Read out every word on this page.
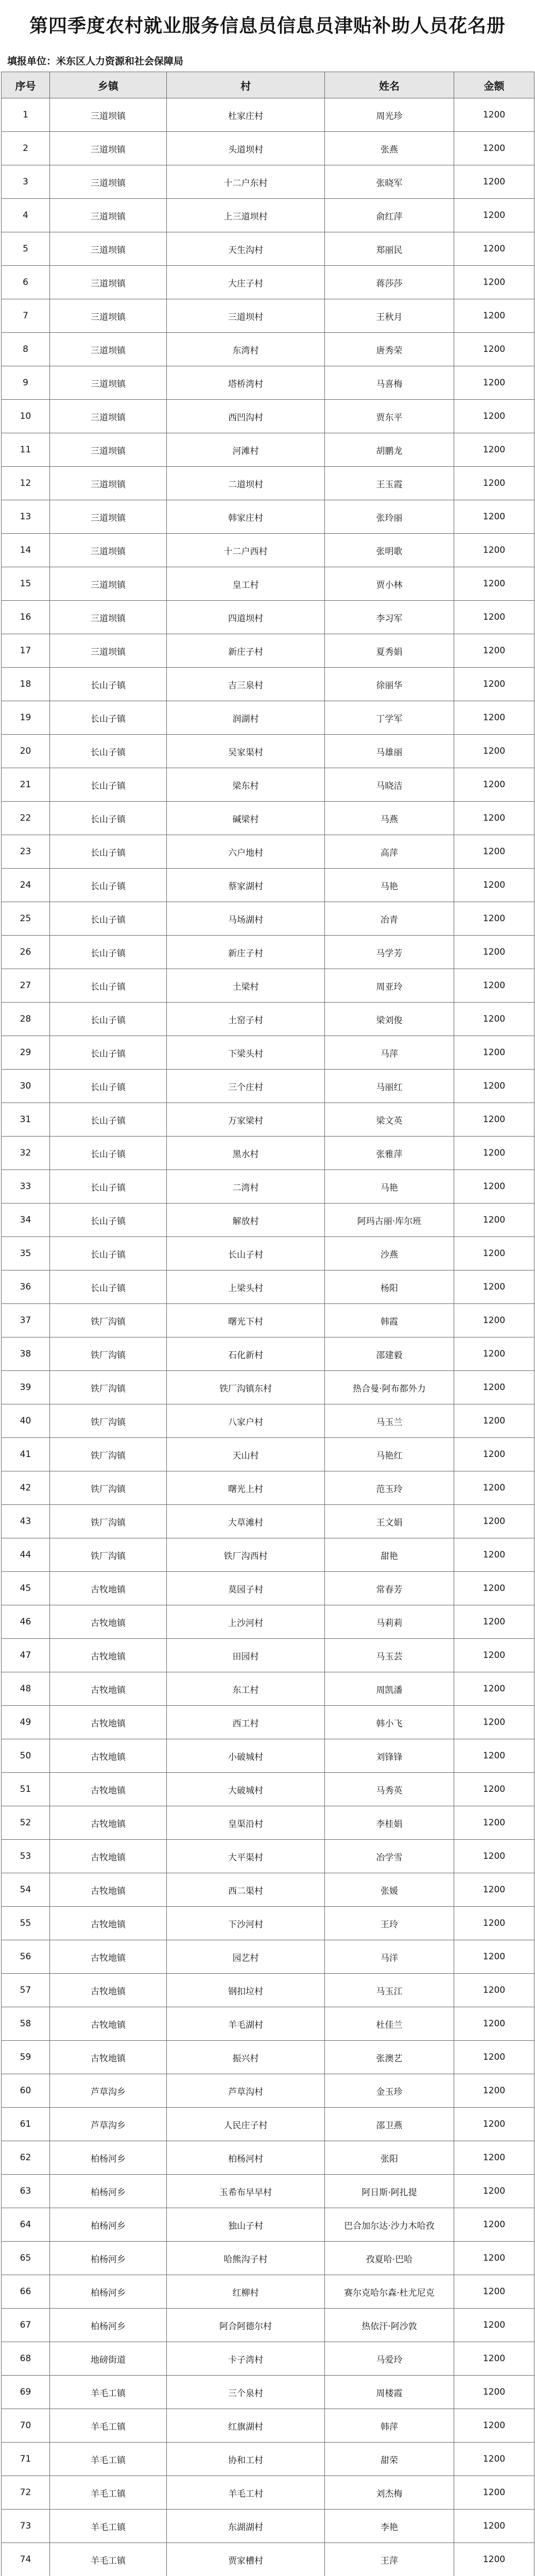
第四季度农村就业服务信息员信息员津贴补助人员花名册
填报单位：米东区人力资源和社会保障局
序号	乡镇	村	姓名	金额
1	三道坝镇	杜家庄村	周光珍	1200
2	三道坝镇	头道坝村	张燕	1200
3	三道坝镇	十二户东村	张晓军	1200
4	三道坝镇	上三道坝村	俞红萍	1200
5	三道坝镇	天生沟村	郑丽民	1200
6	三道坝镇	大庄子村	蒋莎莎	1200
7	三道坝镇	三道坝村	王秋月	1200
8	三道坝镇	东湾村	唐秀荣	1200
9	三道坝镇	塔桥湾村	马喜梅	1200
10	三道坝镇	西凹沟村	贾东平	1200
11	三道坝镇	河滩村	胡鹏龙	1200
12	三道坝镇	二道坝村	王玉霞	1200
13	三道坝镇	韩家庄村	张玲丽	1200
14	三道坝镇	十二户西村	张明歌	1200
15	三道坝镇	皇工村	贾小林	1200
16	三道坝镇	四道坝村	李习军	1200
17	三道坝镇	新庄子村	夏秀娟	1200
18	长山子镇	吉三泉村	徐丽华	1200
19	长山子镇	润湖村	丁学军	1200
20	长山子镇	吴家渠村	马雄丽	1200
21	长山子镇	梁东村	马晓洁	1200
22	长山子镇	碱梁村	马燕	1200
23	长山子镇	六户地村	高萍	1200
24	长山子镇	蔡家湖村	马艳	1200
25	长山子镇	马场湖村	冶青	1200
26	长山子镇	新庄子村	马学芳	1200
27	长山子镇	土梁村	周亚玲	1200
28	长山子镇	土窑子村	梁刘俊	1200
29	长山子镇	下梁头村	马萍	1200
30	长山子镇	三个庄村	马丽红	1200
31	长山子镇	万家梁村	梁文英	1200
32	长山子镇	黑水村	张雅萍	1200
33	长山子镇	二湾村	马艳	1200
34	长山子镇	解放村	阿玛古丽·库尔班	1200
35	长山子镇	长山子村	沙燕	1200
36	长山子镇	上梁头村	杨阳	1200
37	铁厂沟镇	曙光下村	韩霞	1200
38	铁厂沟镇	石化新村	邵建毅	1200
39	铁厂沟镇	铁厂沟镇东村	热合曼·阿布都外力	1200
40	铁厂沟镇	八家户村	马玉兰	1200
41	铁厂沟镇	天山村	马艳红	1200
42	铁厂沟镇	曙光上村	范玉玲	1200
43	铁厂沟镇	大草滩村	王文娟	1200
44	铁厂沟镇	铁厂沟西村	甜艳	1200
45	古牧地镇	莫园子村	常春芳	1200
46	古牧地镇	上沙河村	马莉莉	1200
47	古牧地镇	田园村	马玉芸	1200
48	古牧地镇	东工村	周凯潘	1200
49	古牧地镇	西工村	韩小飞	1200
50	古牧地镇	小破城村	刘锋锋	1200
51	古牧地镇	大破城村	马秀英	1200
52	古牧地镇	皇渠沿村	李桂娟	1200
53	古牧地镇	大平渠村	冶学雪	1200
54	古牧地镇	西二渠村	张媛	1200
55	古牧地镇	下沙河村	王玲	1200
56	古牧地镇	园艺村	马洋	1200
57	古牧地镇	钢扣垃村	马玉江	1200
58	古牧地镇	羊毛湖村	杜佳兰	1200
59	古牧地镇	振兴村	张澳艺	1200
60	芦草沟乡	芦草沟村	金玉珍	1200
61	芦草沟乡	人民庄子村	邵卫燕	1200
62	柏杨河乡	柏杨河村	张阳	1200
63	柏杨河乡	玉希布早早村	阿日斯·阿扎提	1200
64	柏杨河乡	独山子村	巴合加尔达·沙力木哈孜	1200
65	柏杨河乡	哈熊沟子村	孜夏哈·巴哈	1200
66	柏杨河乡	红柳村	赛尔克哈尔森·杜尤尼克	1200
67	柏杨河乡	阿合阿德尔村	热依汗·阿沙敦	1200
68	地磅街道	卡子湾村	马爱玲	1200
69	羊毛工镇	三个泉村	周楼霞	1200
70	羊毛工镇	红旗湖村	韩萍	1200
71	羊毛工镇	协和工村	甜荣	1200
72	羊毛工镇	羊毛工村	刘杰梅	1200
73	羊毛工镇	东湖湖村	李艳	1200
74	羊毛工镇	贾家槽村	王萍	1200
